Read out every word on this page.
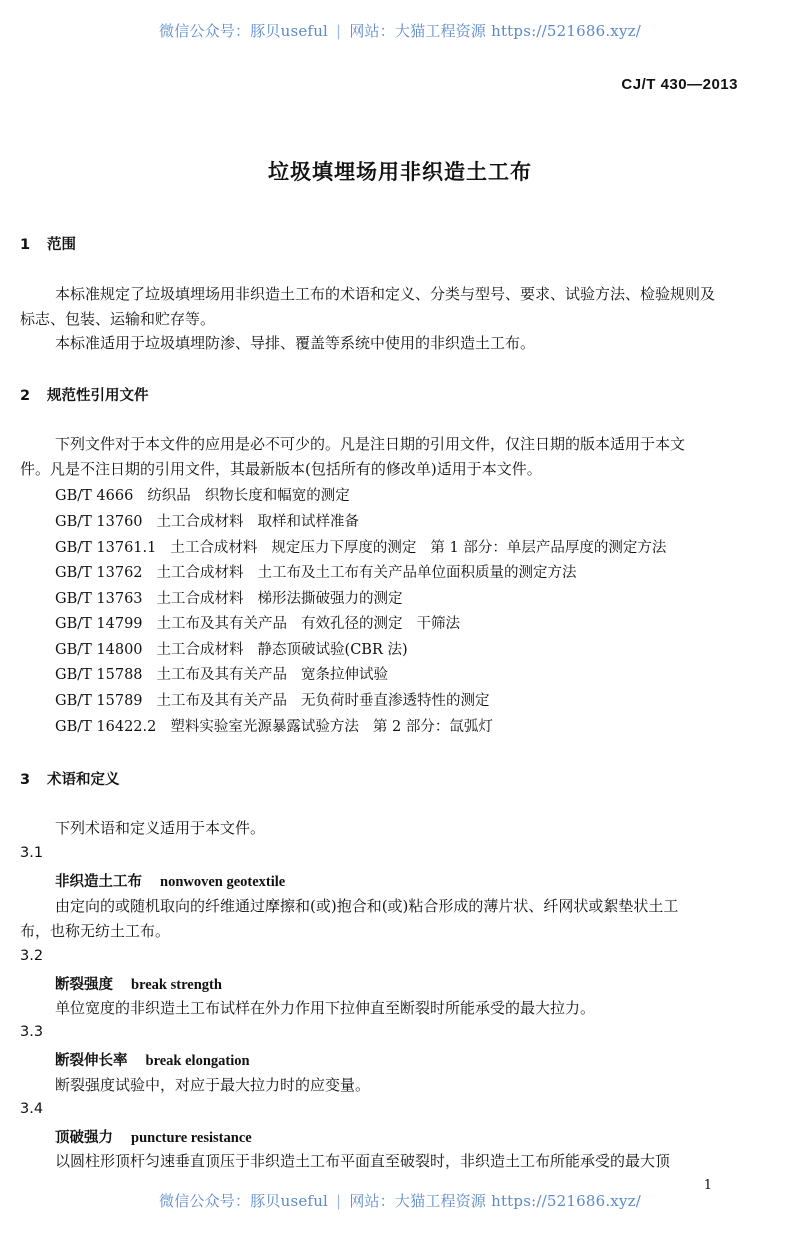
微信公众号：豚贝useful | 网站：大猫工程资源 https://521686.xyz/
CJ/T 430—2013
垃圾填埋场用非织造土工布
1 范围
本标准规定了垃圾填埋场用非织造土工布的术语和定义、分类与型号、要求、试验方法、检验规则及
标志、包装、运输和贮存等。
本标准适用于垃圾填埋防渗、导排、覆盖等系统中使用的非织造土工布。
2 规范性引用文件
下列文件对于本文件的应用是必不可少的。凡是注日期的引用文件，仅注日期的版本适用于本文
件。凡是不注日期的引用文件，其最新版本(包括所有的修改单)适用于本文件。
GB/T 4666 纺织品 织物长度和幅宽的测定
GB/T 13760 土工合成材料 取样和试样准备
GB/T 13761.1 土工合成材料 规定压力下厚度的测定 第 1 部分：单层产品厚度的测定方法
GB/T 13762 土工合成材料 土工布及土工布有关产品单位面积质量的测定方法
GB/T 13763 土工合成材料 梯形法撕破强力的测定
GB/T 14799 土工布及其有关产品 有效孔径的测定 干筛法
GB/T 14800 土工合成材料 静态顶破试验(CBR 法)
GB/T 15788 土工布及其有关产品 宽条拉伸试验
GB/T 15789 土工布及其有关产品 无负荷时垂直渗透特性的测定
GB/T 16422.2 塑料实验室光源暴露试验方法 第 2 部分：氙弧灯
3 术语和定义
下列术语和定义适用于本文件。
3.1
非织造土工布 nonwoven geotextile
由定向的或随机取向的纤维通过摩擦和(或)抱合和(或)粘合形成的薄片状、纤网状或絮垫状土工
布，也称无纺土工布。
3.2
断裂强度 break strength
单位宽度的非织造土工布试样在外力作用下拉伸直至断裂时所能承受的最大拉力。
3.3
断裂伸长率 break elongation
断裂强度试验中，对应于最大拉力时的应变量。
3.4
顶破强力 puncture resistance
以圆柱形顶杆匀速垂直顶压于非织造土工布平面直至破裂时，非织造土工布所能承受的最大顶
1
微信公众号：豚贝useful | 网站：大猫工程资源 https://521686.xyz/
